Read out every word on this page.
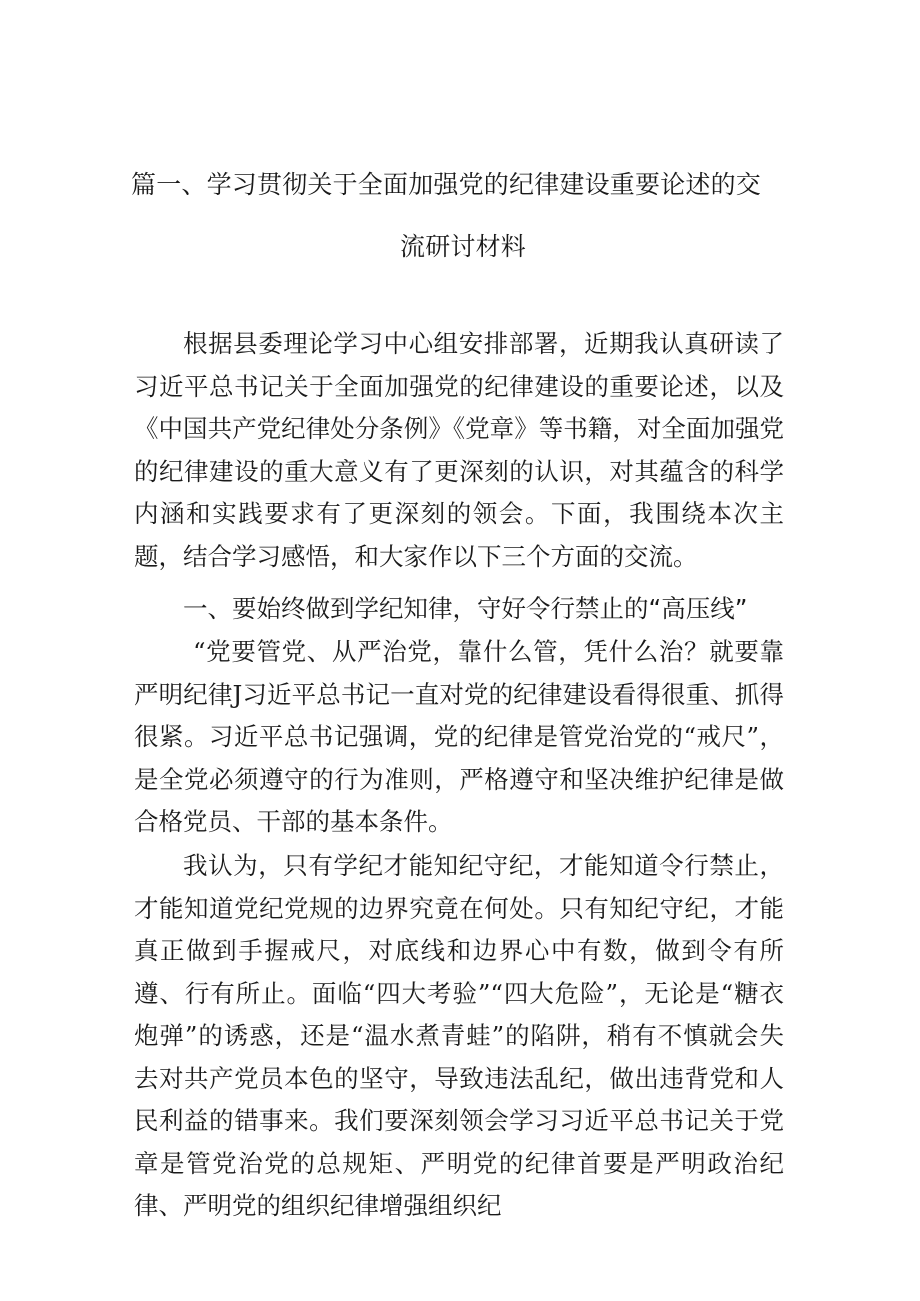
篇一、学习贯彻关于全面加强党的纪律建设重要论述的交
流研讨材料

根据县委理论学习中心组安排部署，近期我认真研读了习近平总书记关于全面加强党的纪律建设的重要论述，以及《中国共产党纪律处分条例》《党章》等书籍，对全面加强党的纪律建设的重大意义有了更深刻的认识，对其蕴含的科学内涵和实践要求有了更深刻的领会。下面，我围绕本次主题，结合学习感悟，和大家作以下三个方面的交流。

一、要始终做到学纪知律，守好令行禁止的“高压线”

“党要管党、从严治党，靠什么管，凭什么治？就要靠严明纪律J习近平总书记一直对党的纪律建设看得很重、抓得很紧。习近平总书记强调，党的纪律是管党治党的“戒尺”，是全党必须遵守的行为准则，严格遵守和坚决维护纪律是做合格党员、干部的基本条件。

我认为，只有学纪才能知纪守纪，才能知道令行禁止，才能知道党纪党规的边界究竟在何处。只有知纪守纪，才能真正做到手握戒尺，对底线和边界心中有数，做到令有所遵、行有所止。面临“四大考验”“四大危险”，无论是“糖衣炮弹”的诱惑，还是“温水煮青蛙”的陷阱，稍有不慎就会失去对共产党员本色的坚守，导致违法乱纪，做出违背党和人民利益的错事来。我们要深刻领会学习习近平总书记关于党章是管党治党的总规矩、严明党的纪律首要是严明政治纪律、严明党的组织纪律增强组织纪
